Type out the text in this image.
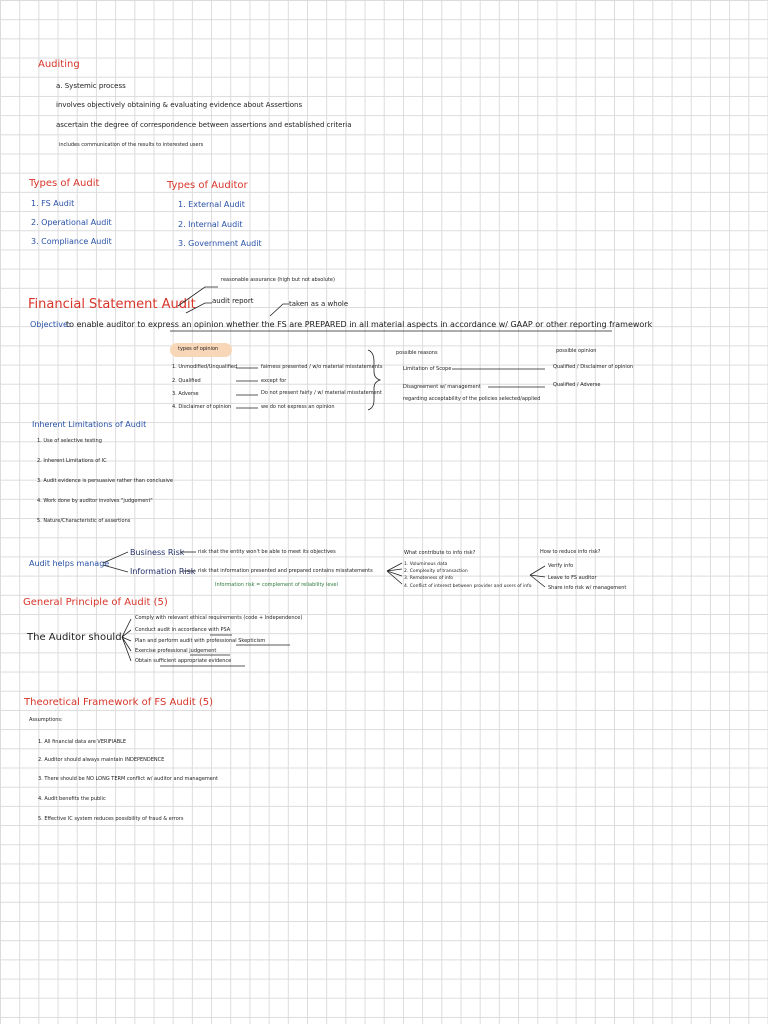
Auditing
a. Systemic process
involves objectively obtaining & evaluating evidence about Assertions
ascertain the degree of correspondence between assertions and established criteria
includes communication of the results to interested users
Types of Audit
1. FS Audit
2. Operational Audit
3. Compliance Audit
Types of Auditor
1. External Audit
2. Internal Audit
3. Government Audit
reasonable assurance (high but not absolute)
audit report	taken as a whole
Financial Statement Audit
Objective:
to enable auditor to express an opinion whether the FS are PREPARED in all material aspects in accordance w/ GAAP or other reporting framework
types of opinion
1. Unmodified/Unqualified
2. Qualified
3. Adverse
4. Disclaimer of opinion
fairness presented / w/o material misstatements
except for
Do not present fairly / w/ material misstatement
we do not express an opinion
possible reasons	possible opinion
Limitation of Scope
Disagreement w/ management
regarding acceptability of the policies selected/applied
Qualified / Disclaimer of opinion
Qualified / Adverse
Inherent Limitations of Audit
1. Use of selective testing
2. Inherent Limitations of IC
3. Audit evidence is persuasive rather than conclusive
4. Work done by auditor involves "judgement"
5. Nature/Characteristic of assertions
Audit helps manage
Business Risk	risk that the entity won't be able to meet its objectives
Information Risk risk that information presented and prepared contains misstatements
Information risk = complement of reliability level
What contribute to info risk?
1. Voluminous data
2. Complexity of transaction
3. Remoteness of info
4. Conflict of interest between provider and users of info
How to reduce info risk?
Verify info
Leave to FS auditor
Share info risk w/ management
General Principle of Audit (5)
The Auditor should:
Comply with relevant ethical requirements (code + Independence)
Conduct audit in accordance with PSA
Plan and perform audit with professional Skepticism
Exercise professional judgement
Obtain sufficient appropriate evidence
Theoretical Framework of FS Audit (5)
Assumptions:
1. All financial data are VERIFIABLE
2. Auditor should always maintain INDEPENDENCE
3. There should be NO LONG TERM conflict w/ auditor and management
4. Audit benefits the public
5. Effective IC system reduces possibility of fraud & errors
